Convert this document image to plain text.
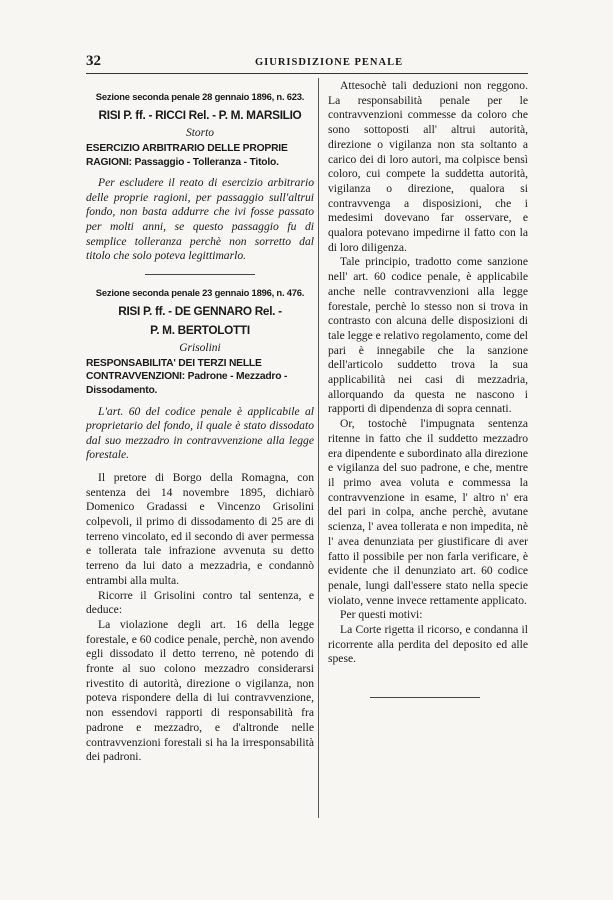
32	GIURISDIZIONE PENALE
Sezione seconda penale 28 gennaio 1896, n. 623.
RISI P. ff. - RICCI Rel. - P. M. MARSILIO
Storto
ESERCIZIO ARBITRARIO DELLE PROPRIE RAGIONI: Passaggio - Tolleranza - Titolo.

Per escludere il reato di esercizio arbitrario delle proprie ragioni, per passaggio sull'altrui fondo, non basta addurre che ivi fosse passato per molti anni, se questo passaggio fu di semplice tolleranza perchè non sorretto dal titolo che solo poteva legittimarlo.

Sezione seconda penale 23 gennaio 1896, n. 476.
RISI P. ff. - DE GENNARO Rel. -
P. M. BERTOLOTTI
Grisolini
RESPONSABILITA' DEI TERZI NELLE CONTRAVVENZIONI: Padrone - Mezzadro - Dissodamento.

L'art. 60 del codice penale è applicabile al proprietario del fondo, il quale è stato dissodato dal suo mezzadro in contravvenzione alla legge forestale.

Il pretore di Borgo della Romagna, con sentenza dei 14 novembre 1895, dichiarò Domenico Gradassi e Vincenzo Grisolini colpevoli, il primo di dissodamento di 25 are di terreno vincolato, ed il secondo di aver permessa e tollerata tale infrazione avvenuta su detto terreno da lui dato a mezzadria, e condannò entrambi alla multa.

Ricorre il Grisolini contro tal sentenza, e deduce:

La violazione degli art. 16 della legge forestale, e 60 codice penale, perchè, non avendo egli dissodato il detto terreno, nè potendo di fronte al suo colono mezzadro considerarsi rivestito di autorità, direzione o vigilanza, non poteva rispondere della di lui contravvenzione, non essendovi rapporti di responsabilità fra padrone e mezzadro, e d'altronde nelle contravvenzioni forestali si ha la irresponsabilità dei padroni.

Attesochè tali deduzioni non reggono. La responsabilità penale per le contravvenzioni commesse da coloro che sono sottoposti all' altrui autorità, direzione o vigilanza non sta soltanto a carico dei di loro autori, ma colpisce bensì coloro, cui compete la suddetta autorità, vigilanza o direzione, qualora si contravvenga a disposizioni, che i medesimi dovevano far osservare, e qualora potevano impedirne il fatto con la di loro diligenza.

Tale principio, tradotto come sanzione nell' art. 60 codice penale, è applicabile anche nelle contravvenzioni alla legge forestale, perchè lo stesso non si trova in contrasto con alcuna delle disposizioni di tale legge e relativo regolamento, come del pari è innegabile che la sanzione dell'articolo suddetto trova la sua applicabilità nei casi di mezzadria, allorquando da questa ne nascono i rapporti di dipendenza di sopra cennati.

Or, tostochè l'impugnata sentenza ritenne in fatto che il suddetto mezzadro era dipendente e subordinato alla direzione e vigilanza del suo padrone, e che, mentre il primo avea voluta e commessa la contravvenzione in esame, l' altro n' era del pari in colpa, anche perchè, avutane scienza, l' avea tollerata e non impedita, nè l' avea denunziata per giustificare di aver fatto il possibile per non farla verificare, è evidente che il denunziato art. 60 codice penale, lungi dall'essere stato nella specie violato, venne invece rettamente applicato.

Per questi motivi:

La Corte rigetta il ricorso, e condanna il ricorrente alla perdita del deposito ed alle spese.
